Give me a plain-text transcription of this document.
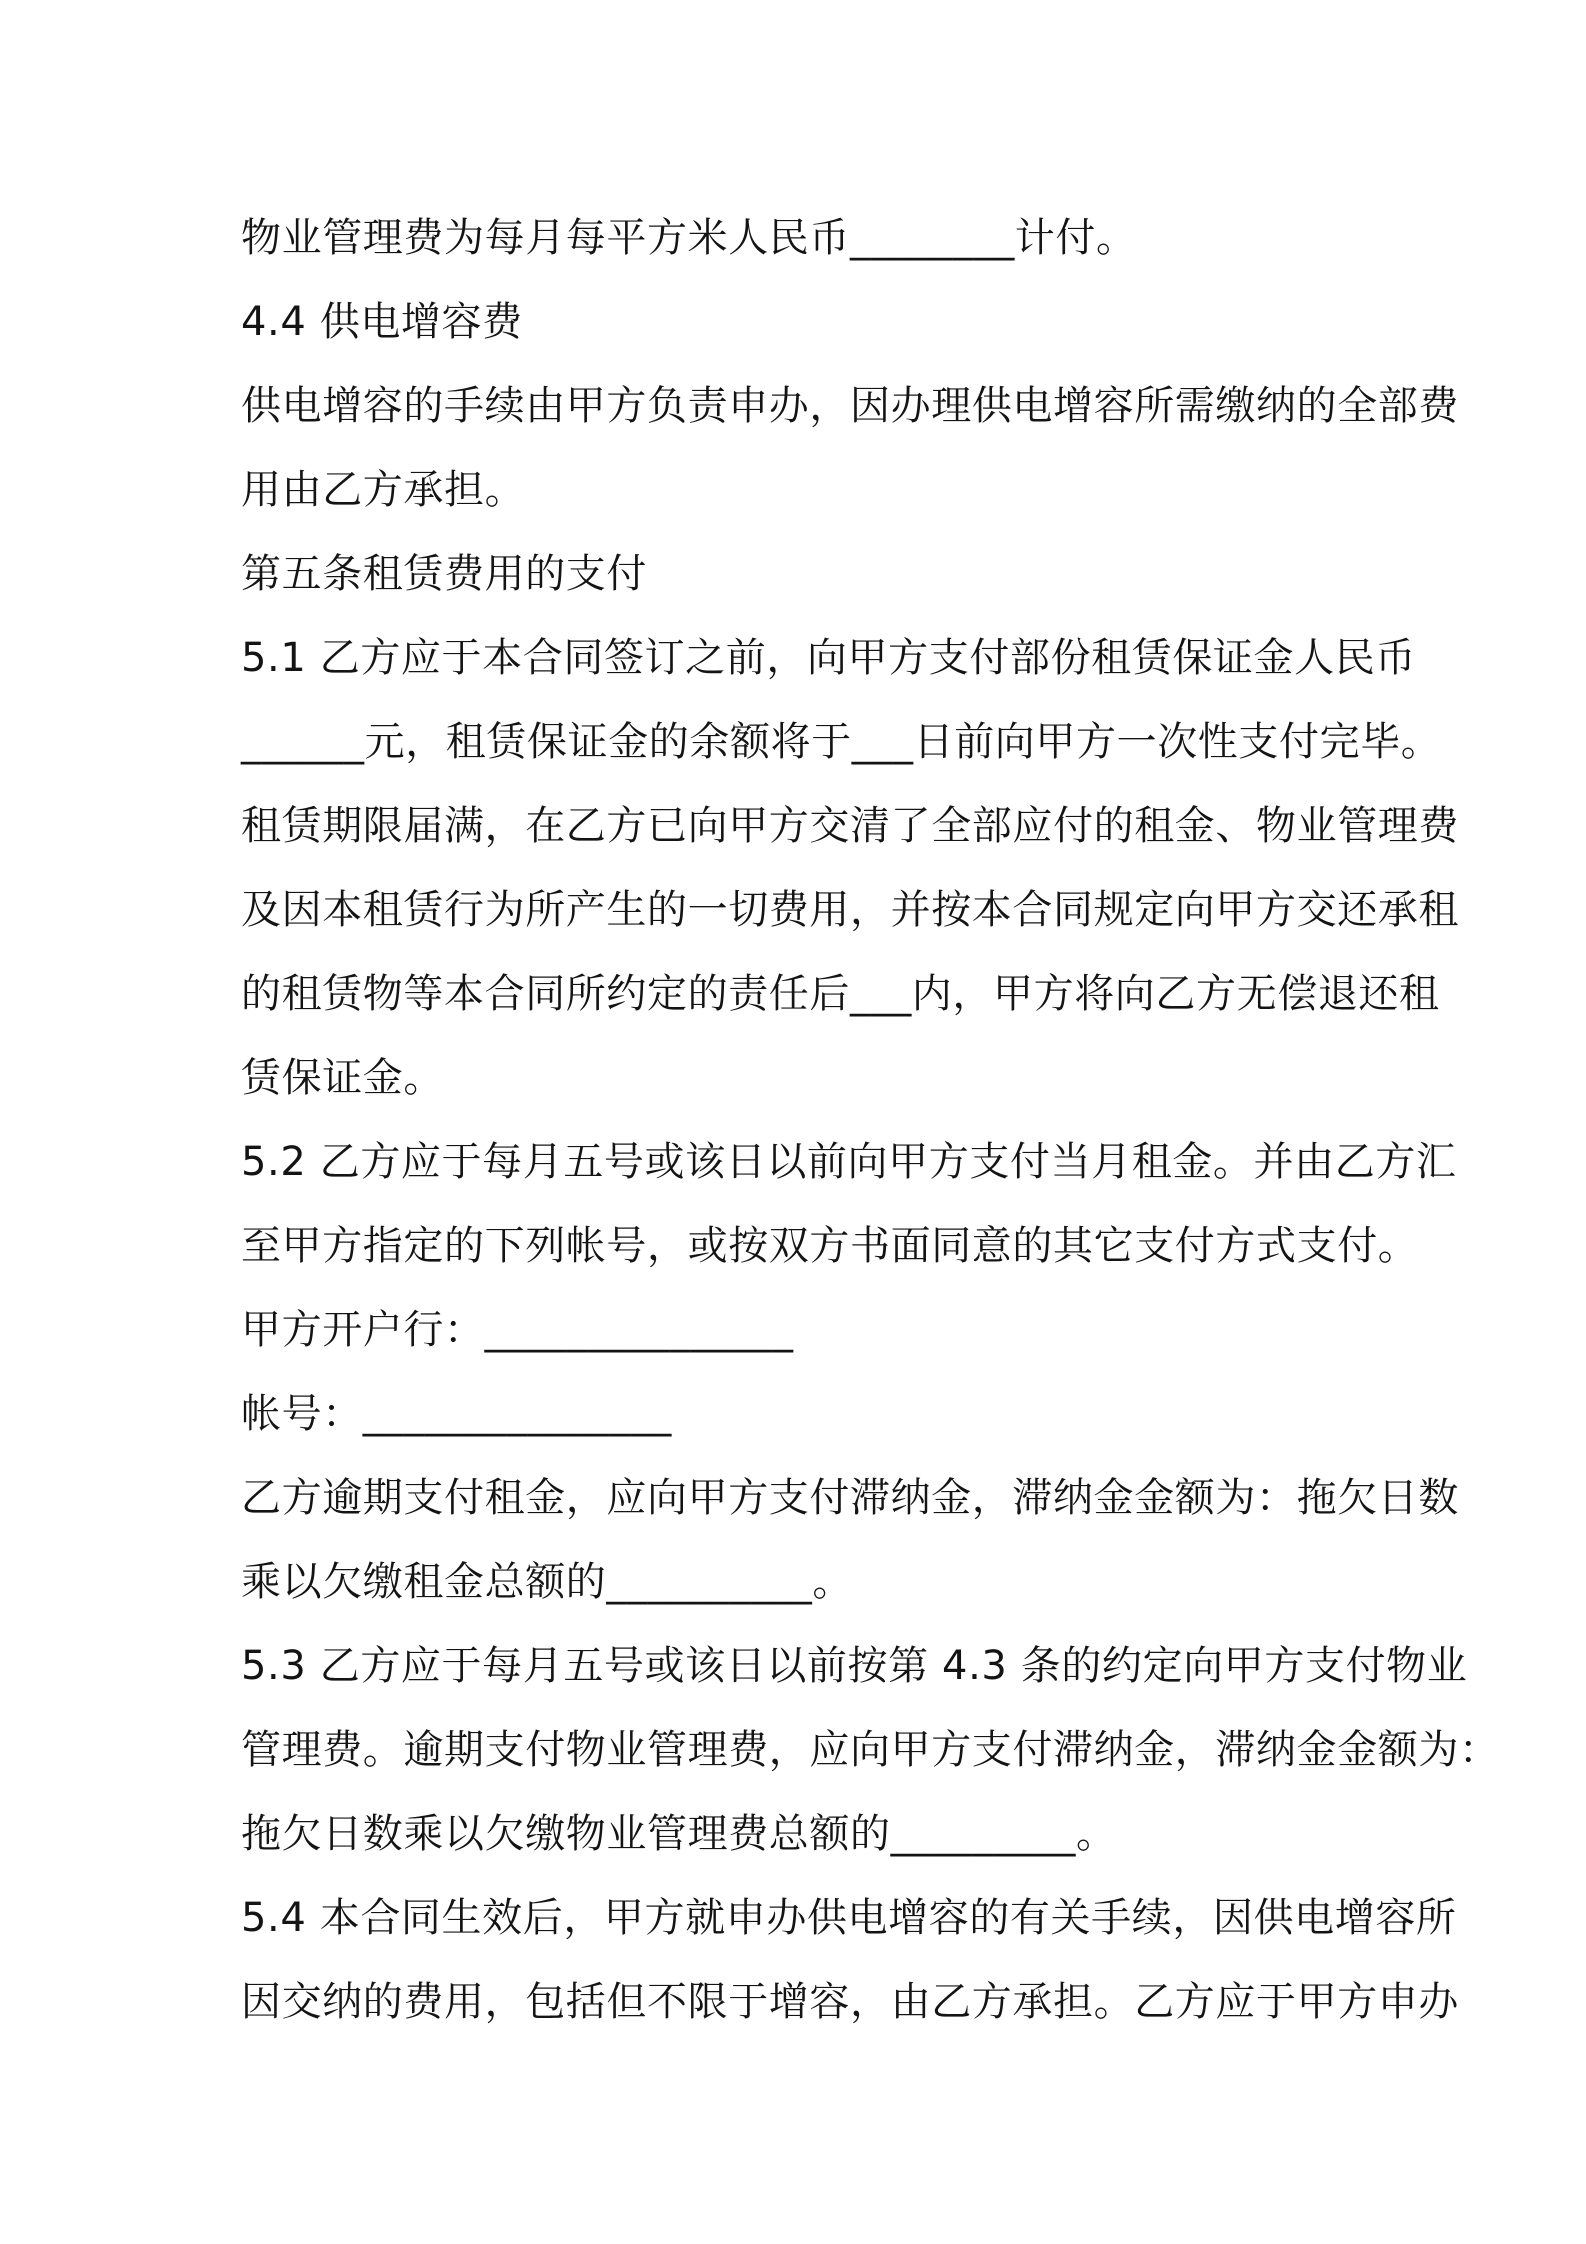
物业管理费为每月每平方米人民币________计付。
4.4 供电增容费
供电增容的手续由甲方负责申办，因办理供电增容所需缴纳的全部费
用由乙方承担。
第五条租赁费用的支付
5.1 乙方应于本合同签订之前，向甲方支付部份租赁保证金人民币
______元，租赁保证金的余额将于___日前向甲方一次性支付完毕。
租赁期限届满，在乙方已向甲方交清了全部应付的租金、物业管理费
及因本租赁行为所产生的一切费用，并按本合同规定向甲方交还承租
的租赁物等本合同所约定的责任后___内，甲方将向乙方无偿退还租
赁保证金。
5.2 乙方应于每月五号或该日以前向甲方支付当月租金。并由乙方汇
至甲方指定的下列帐号，或按双方书面同意的其它支付方式支付。
甲方开户行：_______________
帐号：_______________
乙方逾期支付租金，应向甲方支付滞纳金，滞纳金金额为：拖欠日数
乘以欠缴租金总额的__________。
5.3 乙方应于每月五号或该日以前按第 4.3 条的约定向甲方支付物业
管理费。逾期支付物业管理费，应向甲方支付滞纳金，滞纳金金额为：
拖欠日数乘以欠缴物业管理费总额的_________。
5.4 本合同生效后，甲方就申办供电增容的有关手续，因供电增容所
因交纳的费用，包括但不限于增容，由乙方承担。乙方应于甲方申办
